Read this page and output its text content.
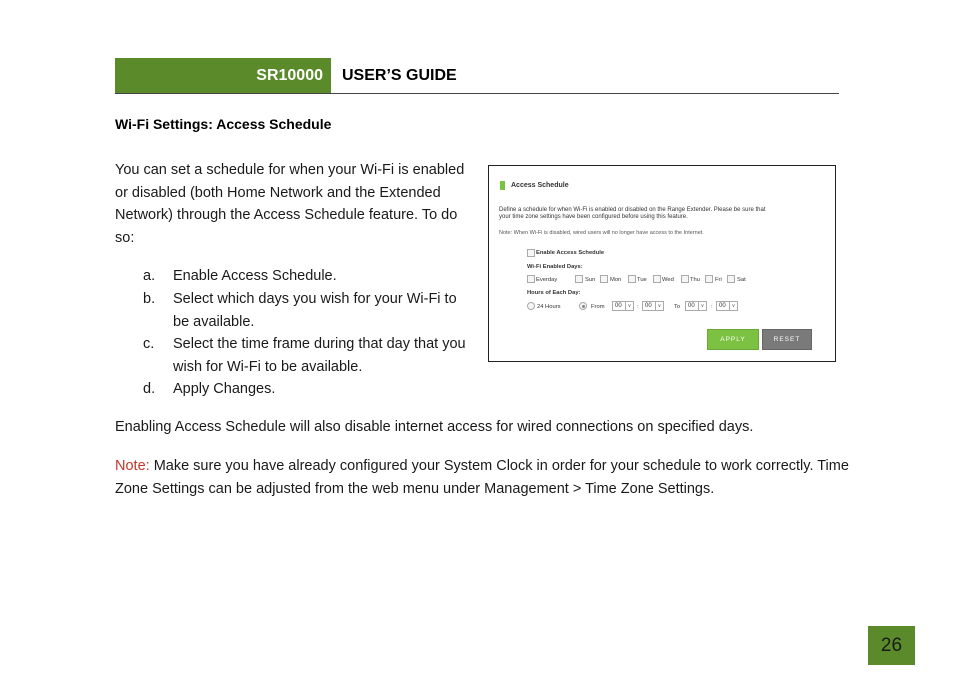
SR10000 USER’S GUIDE
Wi-Fi Settings: Access Schedule
You can set a schedule for when your Wi-Fi is enabled or disabled (both Home Network and the Extended Network) through the Access Schedule feature. To do so:
a.	Enable Access Schedule.
b.	Select which days you wish for your Wi-Fi to be available.
c.	Select the time frame during that day that you wish for Wi-Fi to be available.
d.	Apply Changes.
Enabling Access Schedule will also disable internet access for wired connections on specified days.
Note: Make sure you have already configured your System Clock in order for your schedule to work correctly. Time Zone Settings can be adjusted from the web menu under Management > Time Zone Settings.
Access Schedule
Define a schedule for when Wi-Fi is enabled or disabled on the Range Extender. Please be sure that
your time zone settings have been configured before using this feature.
Note: When Wi-Fi is disabled, wired users will no longer have access to the Internet.
Enable Access Schedule
Wi-Fi Enabled Days:
Everday	Sun	Mon	Tue	Wed	Thu	Fri	Sat
Hours of Each Day:
24 Hours	From	00	∨ :	00	∨ To	00	∨ :	00	∨
APPLY	RESET
26
